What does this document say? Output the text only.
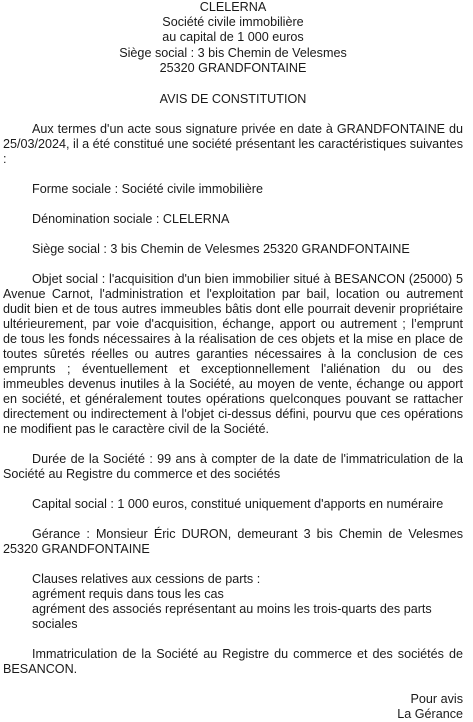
CLELERNA
Société civile immobilière
au capital de 1 000 euros
Siège social : 3 bis Chemin de Velesmes
25320 GRANDFONTAINE
AVIS DE CONSTITUTION

Aux termes d'un acte sous signature privée en date à GRANDFONTAINE du 25/03/2024, il a été constitué une société présentant les caractéristiques suivantes :

Forme sociale : Société civile immobilière
Dénomination sociale : CLELERNA
Siège social : 3 bis Chemin de Velesmes 25320 GRANDFONTAINE

Objet social : l'acquisition d'un bien immobilier situé à BESANCON (25000) 5 Avenue Carnot, l'administration et l'exploitation par bail, location ou autrement dudit bien et de tous autres immeubles bâtis dont elle pourrait devenir propriétaire ultérieurement, par voie d'acquisition, échange, apport ou autrement ; l’emprunt de tous les fonds nécessaires à la réalisation de ces objets et la mise en place de toutes sûretés réelles ou autres garanties nécessaires à la conclusion de ces emprunts ; éventuellement et exceptionnellement l'aliénation du ou des immeubles devenus inutiles à la Société, au moyen de vente, échange ou apport en société, et généralement toutes opérations quelconques pouvant se rattacher directement ou indirectement à l'objet ci-dessus défini, pourvu que ces opérations ne modifient pas le caractère civil de la Société.

Durée de la Société : 99 ans à compter de la date de l'immatriculation de la Société au Registre du commerce et des sociétés

Capital social : 1 000 euros, constitué uniquement d'apports en numéraire

Gérance : Monsieur Éric DURON, demeurant 3 bis Chemin de Velesmes 25320 GRANDFONTAINE

Clauses relatives aux cessions de parts :
agrément requis dans tous les cas
agrément des associés représentant au moins les trois-quarts des parts sociales

Immatriculation de la Société au Registre du commerce et des sociétés de BESANCON.

Pour avis
La Gérance
